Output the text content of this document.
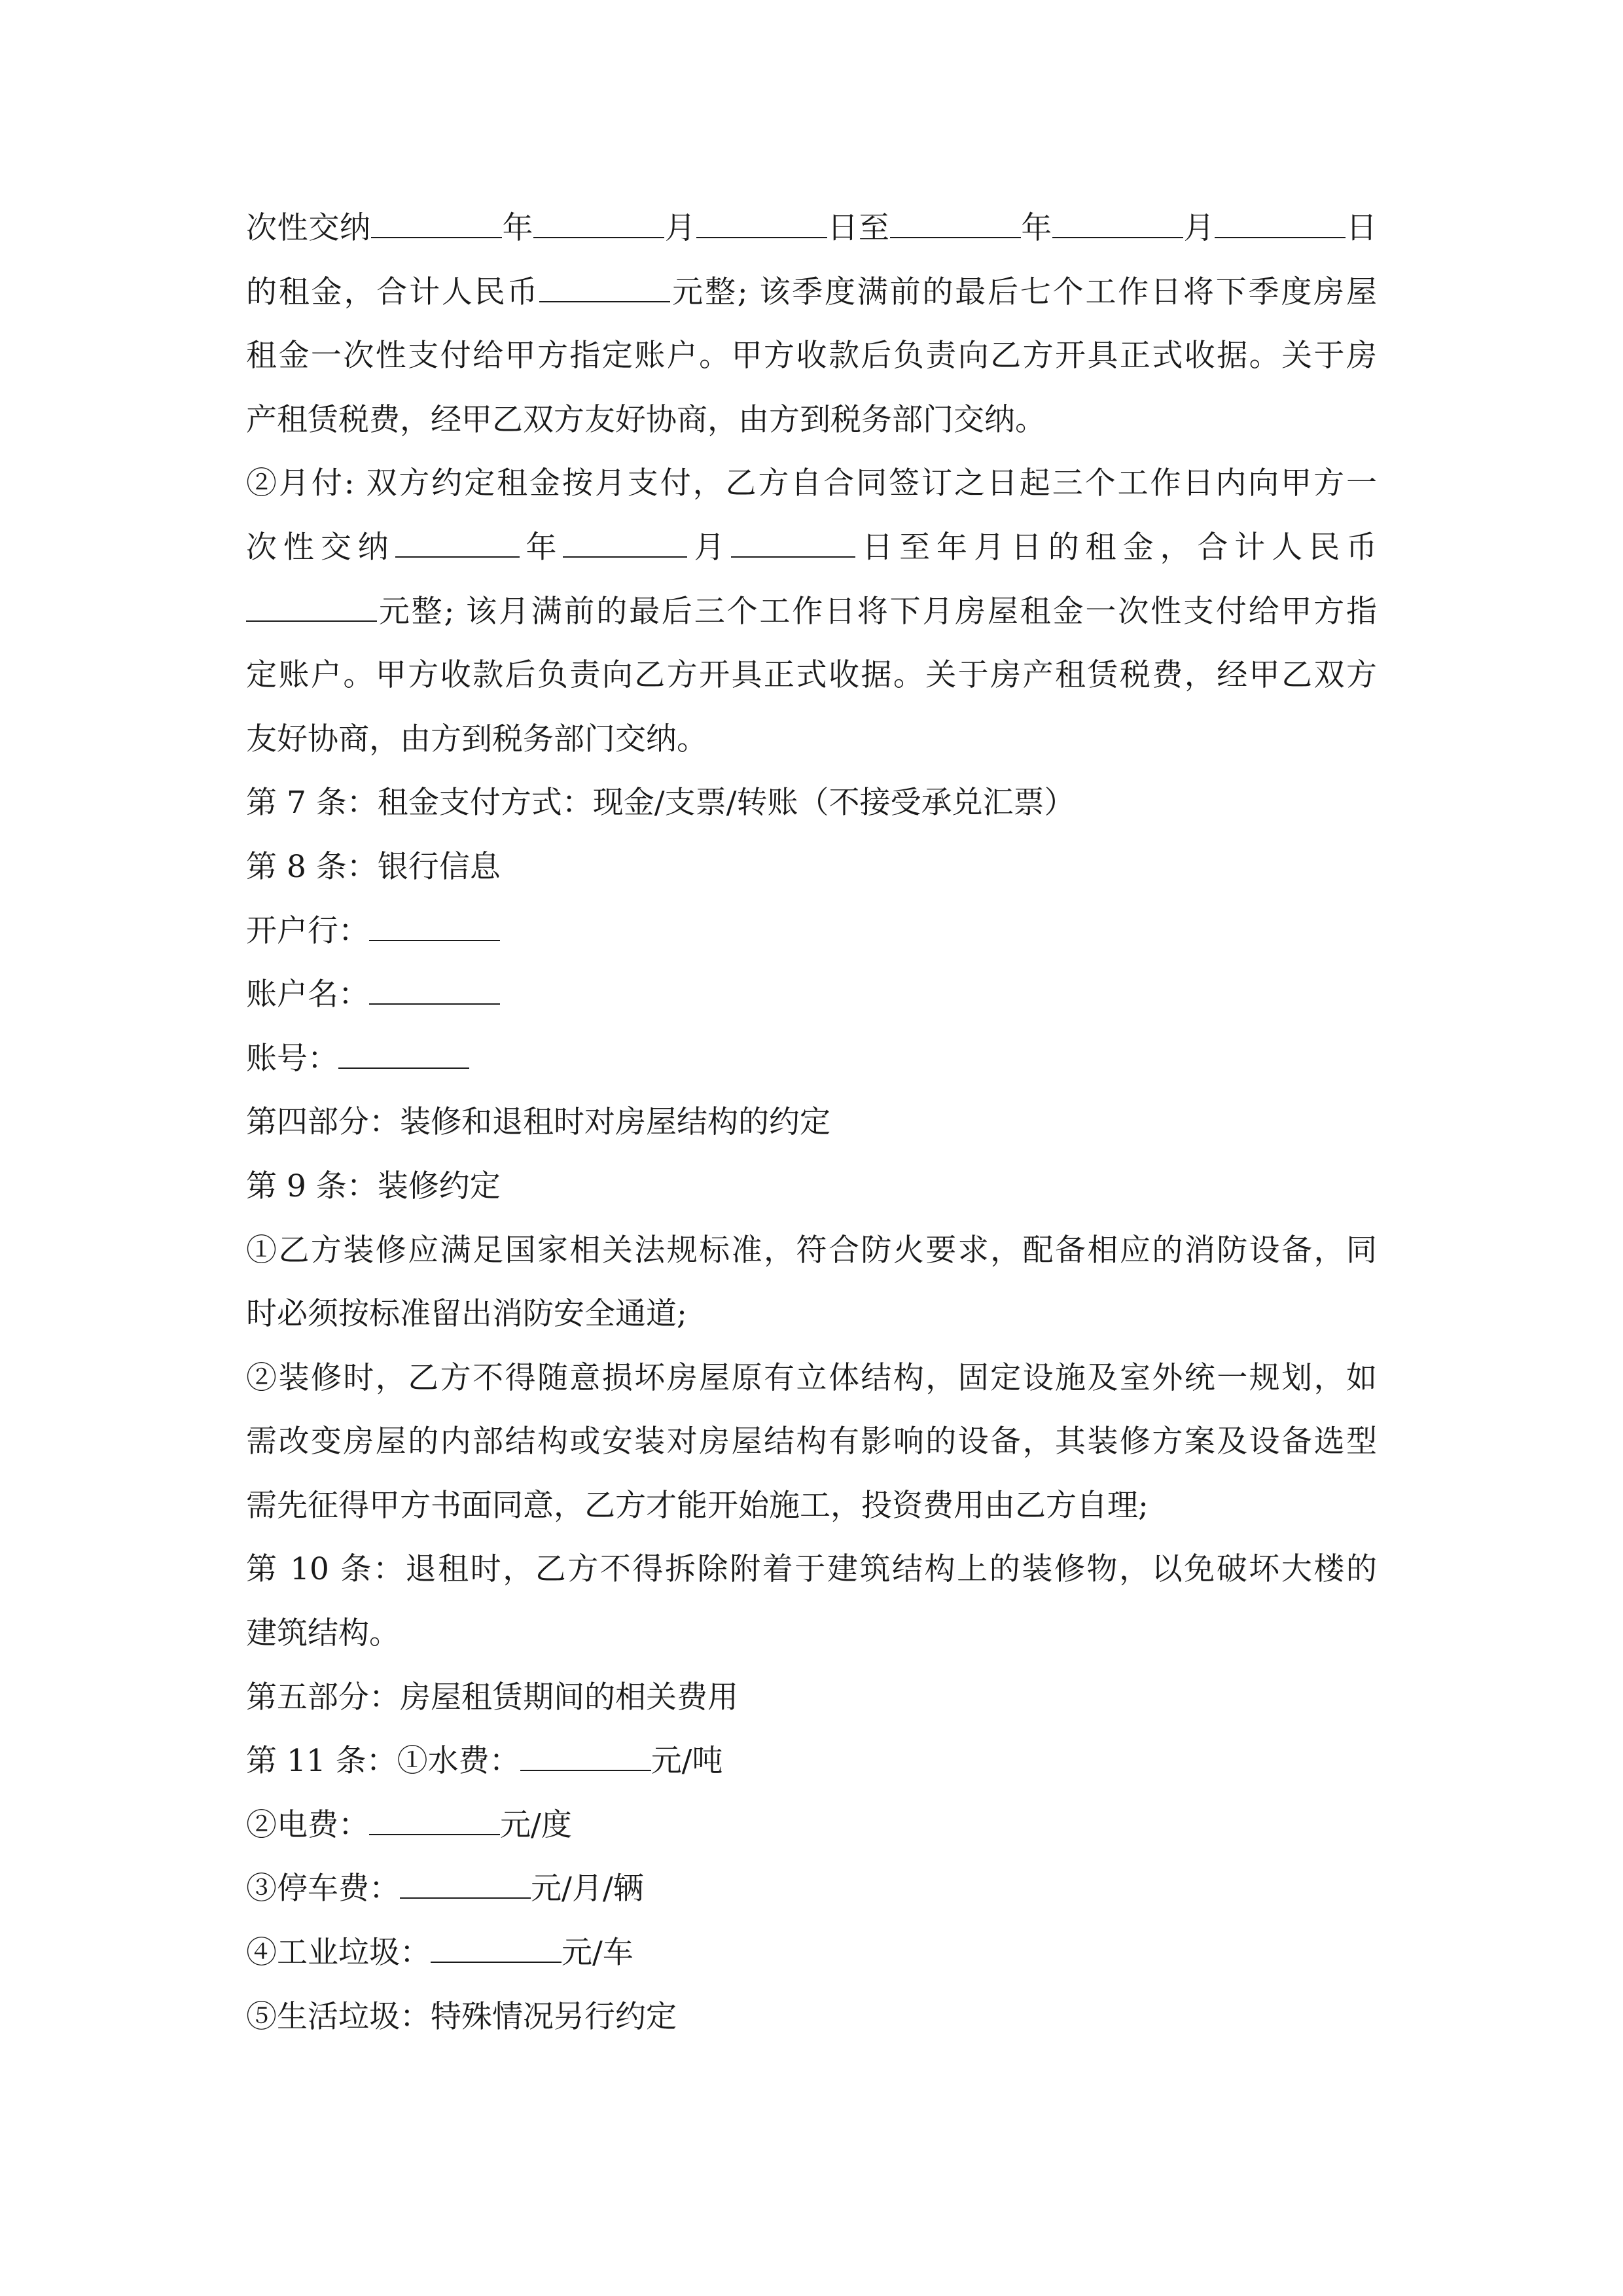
次性交纳	年	月	日至	年	月	日
的租金，合计人民币	元整; 该季度满前的最后七个工作日将下季度房屋
租金一次性支付给甲方指定账户。甲方收款后负责向乙方开具正式收据。关于房
产租赁税费，经甲乙双方友好协商，由方到税务部门交纳。
②月付: 双方约定租金按月支付，乙方自合同签订之日起三个工作日内向甲方一
次性交纳	年	月	日至年月日的租金，合计人民币
元整; 该月满前的最后三个工作日将下月房屋租金一次性支付给甲方指
定账户。甲方收款后负责向乙方开具正式收据。关于房产租赁税费，经甲乙双方
友好协商，由方到税务部门交纳。
第 7 条：租金支付方式：现金/支票/转账（不接受承兑汇票）
第 8 条：银行信息
开户行：
账户名：
账号：
第四部分：装修和退租时对房屋结构的约定
第 9 条：装修约定
①乙方装修应满足国家相关法规标准，符合防火要求，配备相应的消防设备，同
时必须按标准留出消防安全通道;
②装修时，乙方不得随意损坏房屋原有立体结构，固定设施及室外统一规划，如
需改变房屋的内部结构或安装对房屋结构有影响的设备，其装修方案及设备选型
需先征得甲方书面同意，乙方才能开始施工，投资费用由乙方自理;
第 10 条：退租时，乙方不得拆除附着于建筑结构上的装修物，以免破坏大楼的
建筑结构。
第五部分：房屋租赁期间的相关费用
第 11 条：①水费：	元/吨
②电费：	元/度
③停车费：	元/月/辆
④工业垃圾：	元/车
⑤生活垃圾：特殊情况另行约定
